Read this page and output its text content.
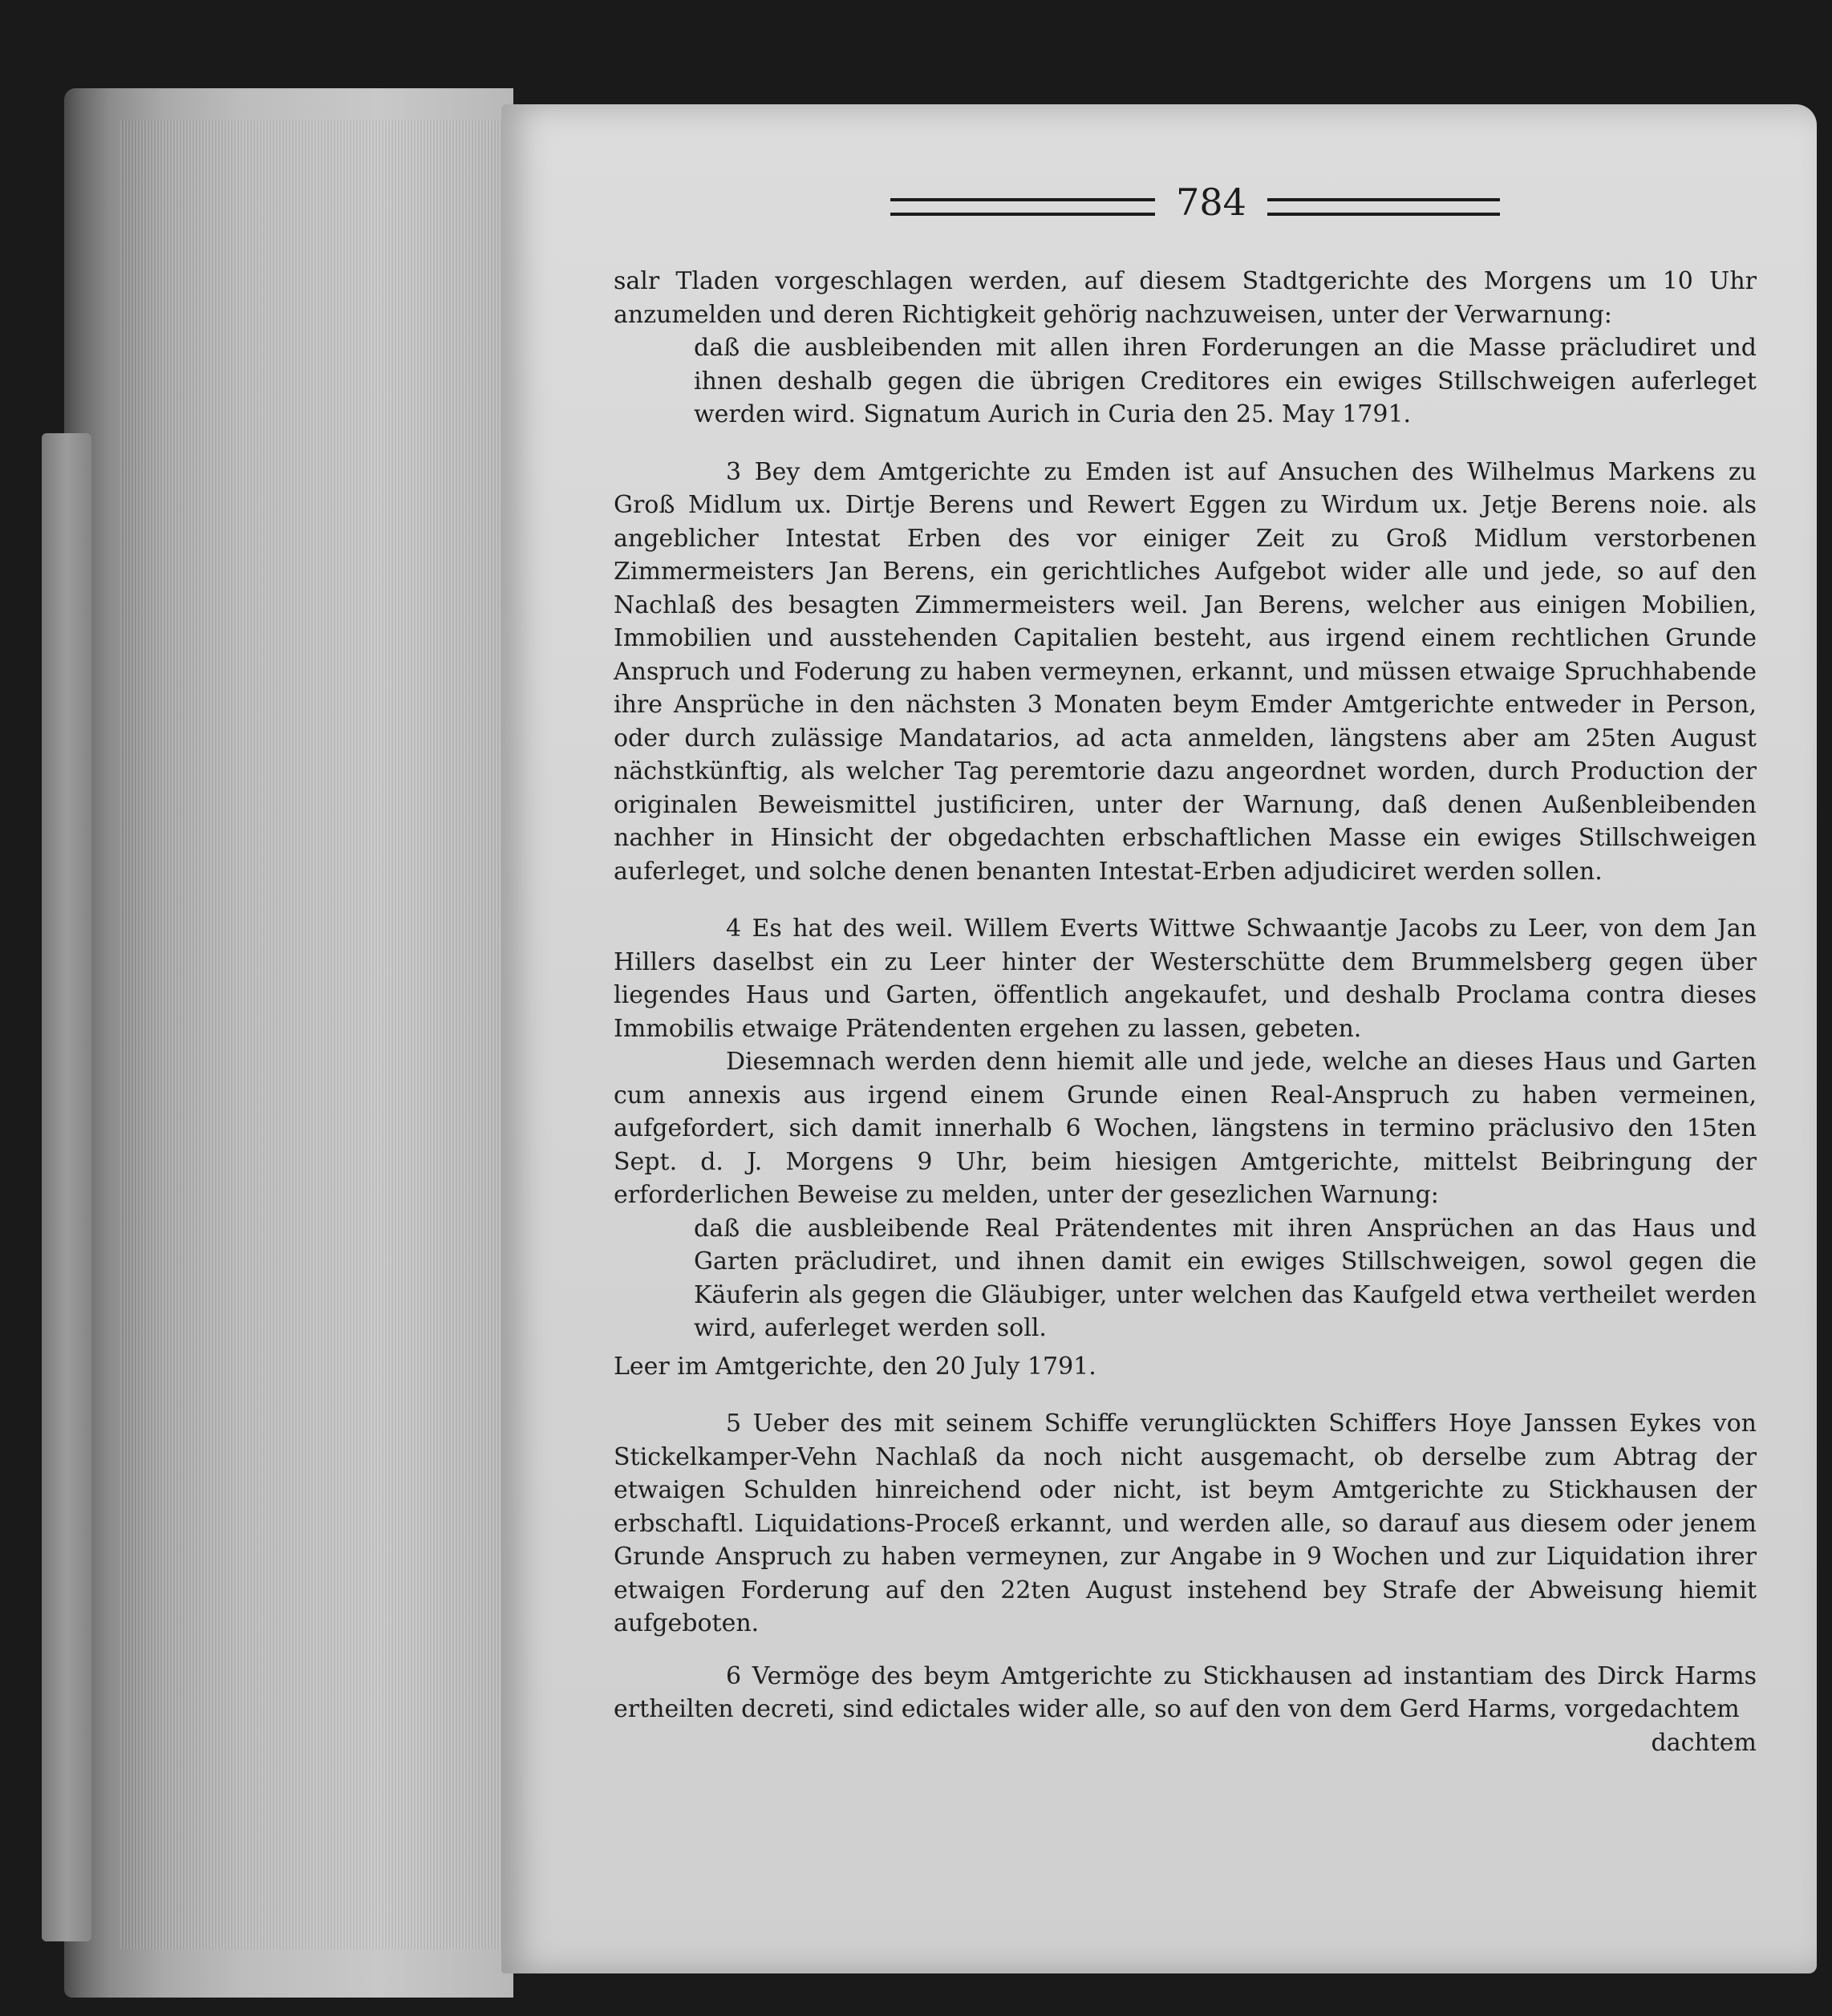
784

salr Tladen vorgeschlagen werden, auf diesem Stadtgerichte des Morgens um 10 Uhr anzumelden und deren Richtigkeit gehörig nachzuweisen, unter der Verwarnung:

daß die ausbleibenden mit allen ihren Forderungen an die Masse präcludiret und ihnen deshalb gegen die übrigen Creditores ein ewiges Stillschweigen auferleget werden wird. Signatum Aurich in Curia den 25. May 1791.

3 Bey dem Amtgerichte zu Emden ist auf Ansuchen des Wilhelmus Markens zu Groß Midlum ux. Dirtje Berens und Rewert Eggen zu Wirdum ux. Jetje Berens noie. als angeblicher Intestat Erben des vor einiger Zeit zu Groß Midlum verstorbenen Zimmermeisters Jan Berens, ein gerichtliches Aufgebot wider alle und jede, so auf den Nachlaß des besagten Zimmermeisters weil. Jan Berens, welcher aus einigen Mobilien, Immobilien und ausstehenden Capitalien besteht, aus irgend einem rechtlichen Grunde Anspruch und Foderung zu haben vermeynen, erkannt, und müssen etwaige Spruchhabende ihre Ansprüche in den nächsten 3 Monaten beym Emder Amtgerichte entweder in Person, oder durch zulässige Mandatarios, ad acta anmelden, längstens aber am 25ten August nächstkünftig, als welcher Tag peremtorie dazu angeordnet worden, durch Production der originalen Beweismittel justificiren, unter der Warnung, daß denen Außenbleibenden nachher in Hinsicht der obgedachten erbschaftlichen Masse ein ewiges Stillschweigen auferleget, und solche denen benanten Intestat-Erben adjudiciret werden sollen.

4 Es hat des weil. Willem Everts Wittwe Schwaantje Jacobs zu Leer, von dem Jan Hillers daselbst ein zu Leer hinter der Westerschütte dem Brummelsberg gegen über liegendes Haus und Garten, öffentlich angekaufet, und deshalb Proclama contra dieses Immobilis etwaige Prätendenten ergehen zu lassen, gebeten.

Diesemnach werden denn hiemit alle und jede, welche an dieses Haus und Garten cum annexis aus irgend einem Grunde einen Real-Anspruch zu haben vermeinen, aufgefordert, sich damit innerhalb 6 Wochen, längstens in termino präclusivo den 15ten Sept. d. J. Morgens 9 Uhr, beim hiesigen Amtgerichte, mittelst Beibringung der erforderlichen Beweise zu melden, unter der gesezlichen Warnung:

daß die ausbleibende Real Prätendentes mit ihren Ansprüchen an das Haus und Garten präcludiret, und ihnen damit ein ewiges Stillschweigen, sowol gegen die Käuferin als gegen die Gläubiger, unter welchen das Kaufgeld etwa vertheilet werden wird, auferleget werden soll.

Leer im Amtgerichte, den 20 July 1791.

5 Ueber des mit seinem Schiffe verunglückten Schiffers Hoye Janssen Eykes von Stickelkamper-Vehn Nachlaß da noch nicht ausgemacht, ob derselbe zum Abtrag der etwaigen Schulden hinreichend oder nicht, ist beym Amtgerichte zu Stickhausen der erbschaftl. Liquidations-Proceß erkannt, und werden alle, so darauf aus diesem oder jenem Grunde Anspruch zu haben vermeynen, zur Angabe in 9 Wochen und zur Liquidation ihrer etwaigen Forderung auf den 22ten August instehend bey Strafe der Abweisung hiemit aufgeboten.

6 Vermöge des beym Amtgerichte zu Stickhausen ad instantiam des Dirck Harms ertheilten decreti, sind edictales wider alle, so auf den von dem Gerd Harms, vorgedachtem

dachtem
